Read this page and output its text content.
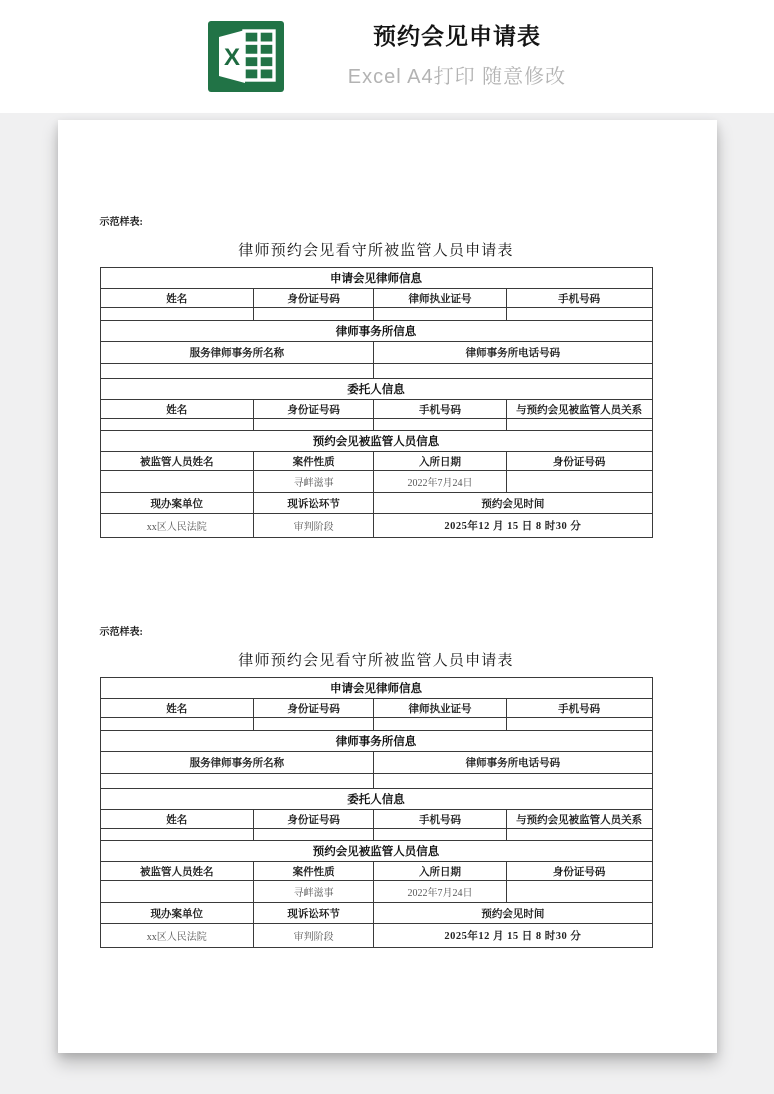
X
预约会见申请表
Excel A4打印 随意修改
示范样表:
律师预约会见看守所被监管人员申请表
申请会见律师信息			
姓名	身份证号码	律师执业证号	手机号码

律师事务所信息			
服务律师事务所名称		律师事务所电话号码	

委托人信息			
姓名	身份证号码	手机号码	与预约会见被监管人员关系

预约会见被监管人员信息			
被监管人员姓名	案件性质	入所日期	身份证号码
	寻衅滋事	2022年7月24日	
现办案单位	现诉讼环节	预约会见时间	
xx区人民法院	审判阶段	2025年12 月 15 日 8 时30 分	
示范样表:
律师预约会见看守所被监管人员申请表
申请会见律师信息			
姓名	身份证号码	律师执业证号	手机号码

律师事务所信息			
服务律师事务所名称		律师事务所电话号码	

委托人信息			
姓名	身份证号码	手机号码	与预约会见被监管人员关系

预约会见被监管人员信息			
被监管人员姓名	案件性质	入所日期	身份证号码
	寻衅滋事	2022年7月24日	
现办案单位	现诉讼环节	预约会见时间	
xx区人民法院	审判阶段	2025年12 月 15 日 8 时30 分	
